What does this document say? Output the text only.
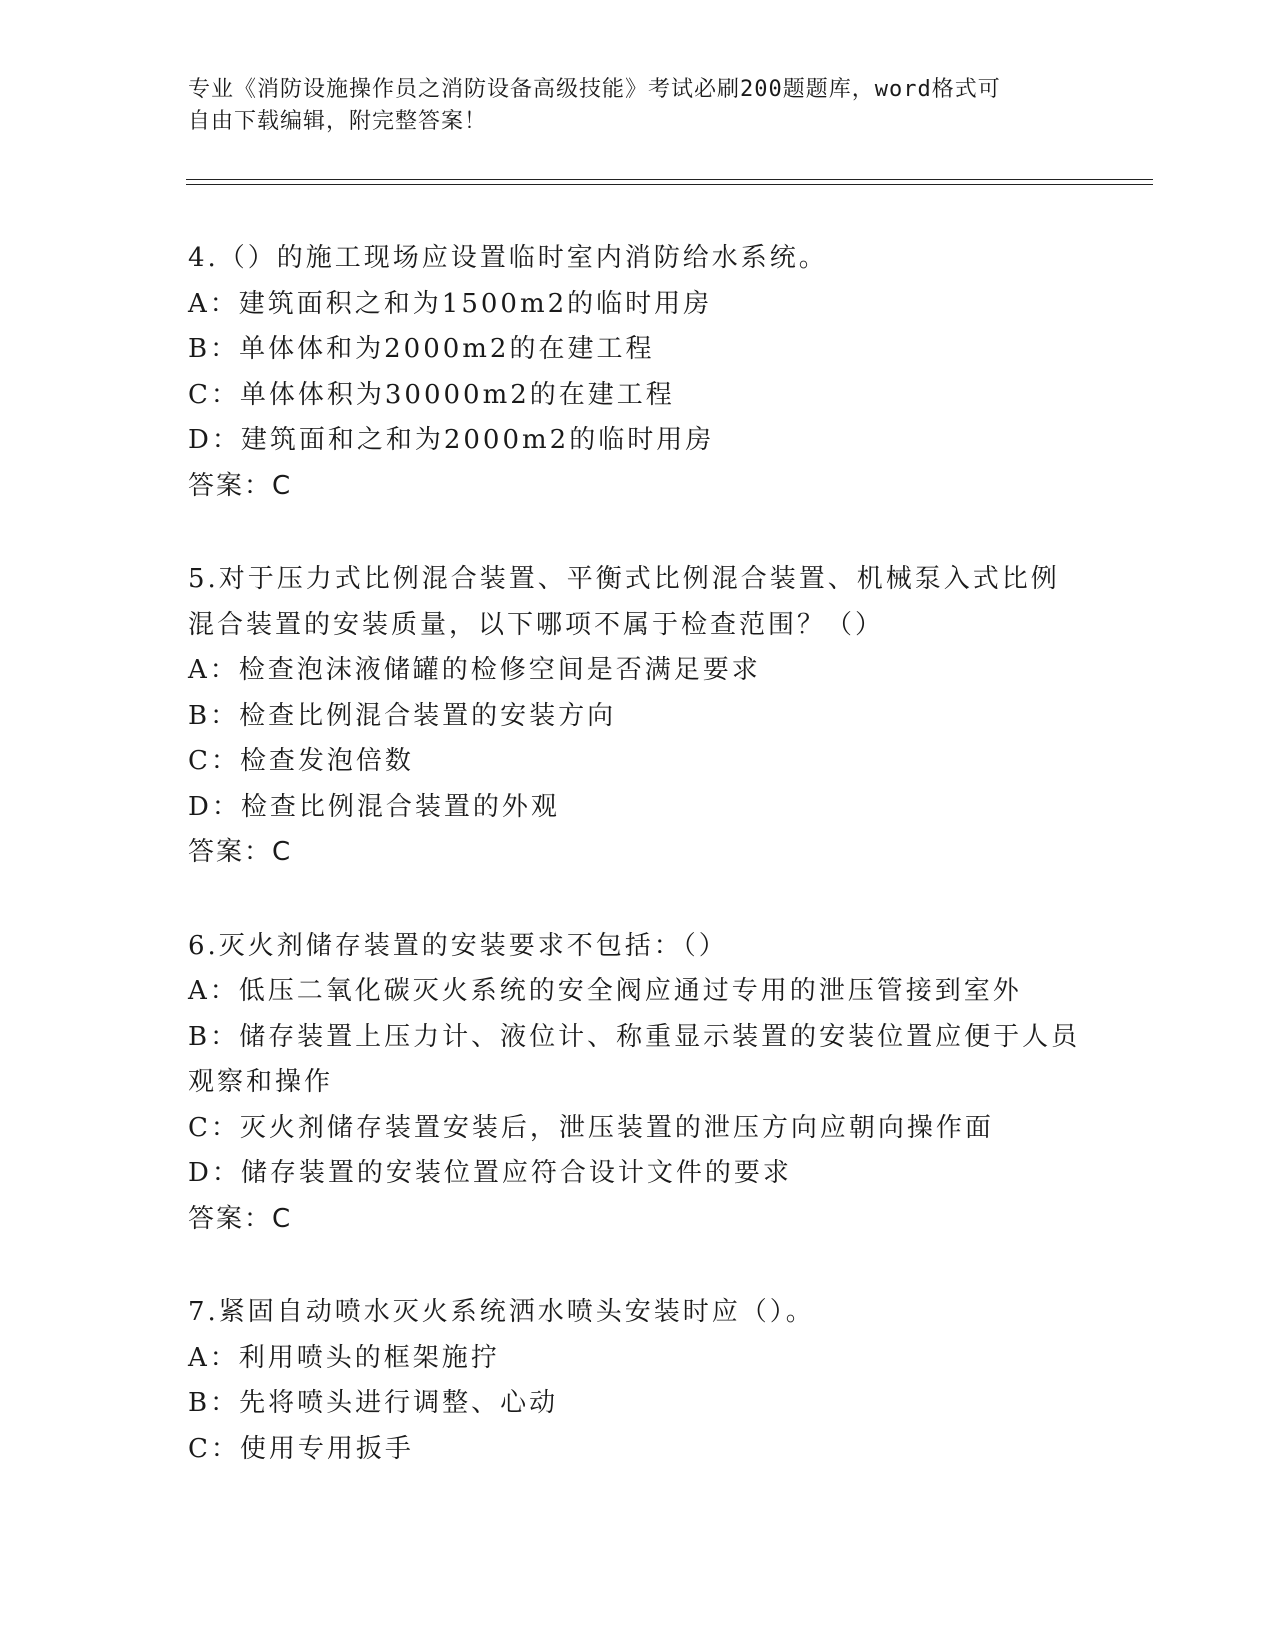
专业《消防设施操作员之消防设备高级技能》考试必刷200题题库，word格式可
自由下载编辑，附完整答案！
4.（）的施工现场应设置临时室内消防给水系统。
A：建筑面积之和为1500m2的临时用房
B：单体体和为2000m2的在建工程
C：单体体积为30000m2的在建工程
D：建筑面和之和为2000m2的临时用房
答案：C
5.对于压力式比例混合装置、平衡式比例混合装置、机械泵入式比例
混合装置的安装质量，以下哪项不属于检查范围？（）
A：检查泡沫液储罐的检修空间是否满足要求
B：检查比例混合装置的安装方向
C：检查发泡倍数
D：检查比例混合装置的外观
答案：C
6.灭火剂储存装置的安装要求不包括：（）
A：低压二氧化碳灭火系统的安全阀应通过专用的泄压管接到室外
B：储存装置上压力计、液位计、称重显示装置的安装位置应便于人员
观察和操作
C：灭火剂储存装置安装后，泄压装置的泄压方向应朝向操作面
D：储存装置的安装位置应符合设计文件的要求
答案：C
7.紧固自动喷水灭火系统洒水喷头安装时应（）。
A：利用喷头的框架施拧
B：先将喷头进行调整、心动
C：使用专用扳手
